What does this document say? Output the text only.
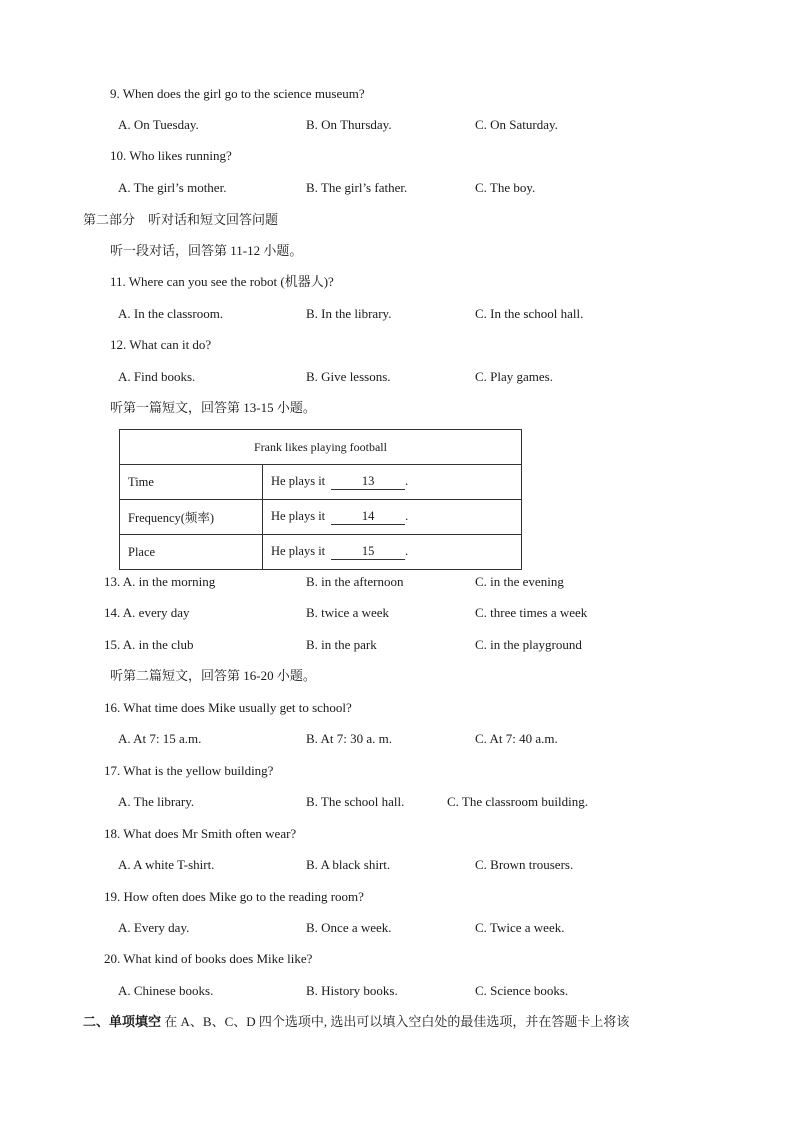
9. When does the girl go to the science museum?
A. On Tuesday.	B. On Thursday.	C. On Saturday.
10. Who likes running?
A. The girl’s mother.	B. The girl’s father.	C. The boy.
第二部分　听对话和短文回答问题
听一段对话，回答第 11-12 小题。
11. Where can you see the robot (机器人)?
A. In the classroom.	B. In the library.	C. In the school hall.
12. What can it do?
A. Find books.	B. Give lessons.	C. Play games.
听第一篇短文，回答第 13-15 小题。
Frank likes playing football	
Time	He plays it 13 .
Frequency(频率)	He plays it 14 .
Place	He plays it 15 .
13. A. in the morning	B. in the afternoon	C. in the evening
14. A. every day	B. twice a week	C. three times a week
15. A. in the club	B. in the park	C. in the playground
听第二篇短文，回答第 16-20 小题。
16. What time does Mike usually get to school?
A. At 7: 15 a.m.	B. At 7: 30 a. m.	C. At 7: 40 a.m.
17. What is the yellow building?
A. The library.	B. The school hall.	C. The classroom building.
18. What does Mr Smith often wear?
A. A white T-shirt.	B. A black shirt.	C. Brown trousers.
19. How often does Mike go to the reading room?
A. Every day.	B. Once a week.	C. Twice a week.
20. What kind of books does Mike like?
A. Chinese books.	B. History books.	C. Science books.
二、单项填空 在 A、B、C、D 四个选项中, 选出可以填入空白处的最佳选项，并在答题卡上将该
